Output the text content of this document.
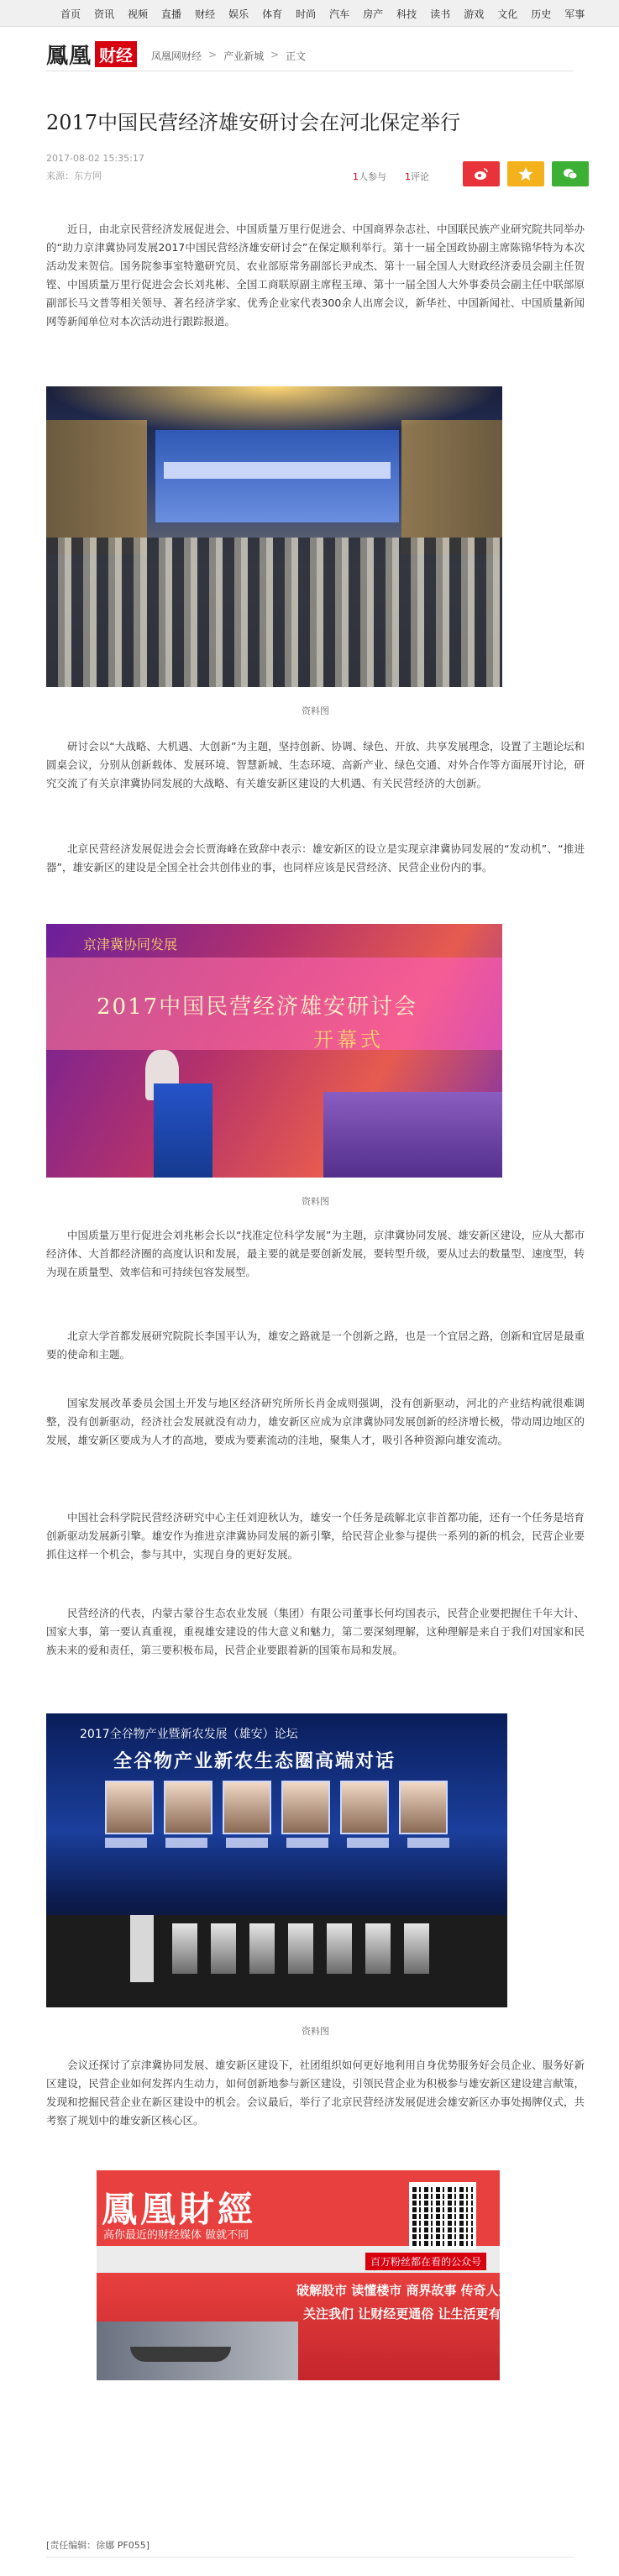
首页	资讯	视频	直播	财经	娱乐	体育	时尚	汽车	房产	科技	读书	游戏	文化	历史	军事
鳳凰 财经	凤凰网财经 > 产业新城 > 正文
2017中国民营经济雄安研讨会在河北保定举行
2017-08-02 15:35:17
来源：东方网	1人参与 1评论

近日，由北京民营经济发展促进会、中国质量万里行促进会、中国商界杂志社、中国联民族产业研究院共同举办的“助力京津冀协同发展2017中国民营经济雄安研讨会”在保定顺利举行。第十一届全国政协副主席陈锦华特为本次活动发来贺信。国务院参事室特邀研究员、农业部原常务副部长尹成杰、第十一届全国人大财政经济委员会副主任贺铿、中国质量万里行促进会会长刘兆彬、全国工商联原副主席程玉璋、第十一届全国人大外事委员会副主任中联部原副部长马文普等相关领导、著名经济学家、优秀企业家代表300余人出席会议，新华社、中国新闻社、中国质量新闻网等新闻单位对本次活动进行跟踪报道。

资料图

研讨会以“大战略、大机遇、大创新”为主题，坚持创新、协调、绿色、开放、共享发展理念，设置了主题论坛和圆桌会议，分别从创新载体、发展环境、智慧新城、生态环境、高新产业、绿色交通、对外合作等方面展开讨论，研究交流了有关京津冀协同发展的大战略、有关雄安新区建设的大机遇、有关民营经济的大创新。

北京民营经济发展促进会会长贾海峰在致辞中表示：雄安新区的设立是实现京津冀协同发展的“发动机”、“推进器”，雄安新区的建设是全国全社会共创伟业的事，也同样应该是民营经济、民营企业份内的事。

京津冀协同发展
2017中国民营经济雄安研讨会
开幕式
资料图

中国质量万里行促进会刘兆彬会长以“找准定位科学发展”为主题，京津冀协同发展、雄安新区建设，应从大都市经济体、大首都经济圈的高度认识和发展，最主要的就是要创新发展，要转型升级，要从过去的数量型、速度型，转为现在质量型、效率信和可持续包容发展型。

北京大学首都发展研究院院长李国平认为，雄安之路就是一个创新之路，也是一个宜居之路，创新和宜居是最重要的使命和主题。

国家发展改革委员会国土开发与地区经济研究所所长肖金成则强调，没有创新驱动，河北的产业结构就很难调整，没有创新驱动，经济社会发展就没有动力，雄安新区应成为京津冀协同发展创新的经济增长极，带动周边地区的发展，雄安新区要成为人才的高地，要成为要素流动的洼地，聚集人才，吸引各种资源向雄安流动。

中国社会科学院民营经济研究中心主任刘迎秋认为，雄安一个任务是疏解北京非首都功能，还有一个任务是培育创新驱动发展新引擎。雄安作为推进京津冀协同发展的新引擎，给民营企业参与提供一系列的新的机会，民营企业要抓住这样一个机会，参与其中，实现自身的更好发展。

民营经济的代表，内蒙古蒙谷生态农业发展（集团）有限公司董事长何均国表示，民营企业要把握住千年大计、国家大事，第一要认真重视，重视雄安建设的伟大意义和魅力，第二要深刻理解，这种理解是来自于我们对国家和民族未来的爱和责任，第三要积极布局，民营企业要跟着新的国策布局和发展。

2017全谷物产业暨新农发展（雄安）论坛
全谷物产业新农生态圈高端对话
资料图

会议还探讨了京津冀协同发展、雄安新区建设下，社团组织如何更好地利用自身优势服务好会员企业、服务好新区建设，民营企业如何发挥内生动力，如何创新地参与新区建设，引领民营企业为积极参与雄安新区建设建言献策，发现和挖掘民营企业在新区建设中的机会。会议最后，举行了北京民营经济发展促进会雄安新区办事处揭牌仪式，共考察了规划中的雄安新区核心区。

鳳凰財經
高你最近的财经媒体 做就不同
百万粉丝都在看的公众号
破解股市 读懂楼市 商界故事 传奇人生
关注我们 让财经更通俗 让生活更有趣
[责任编辑：徐娜 PF055]
